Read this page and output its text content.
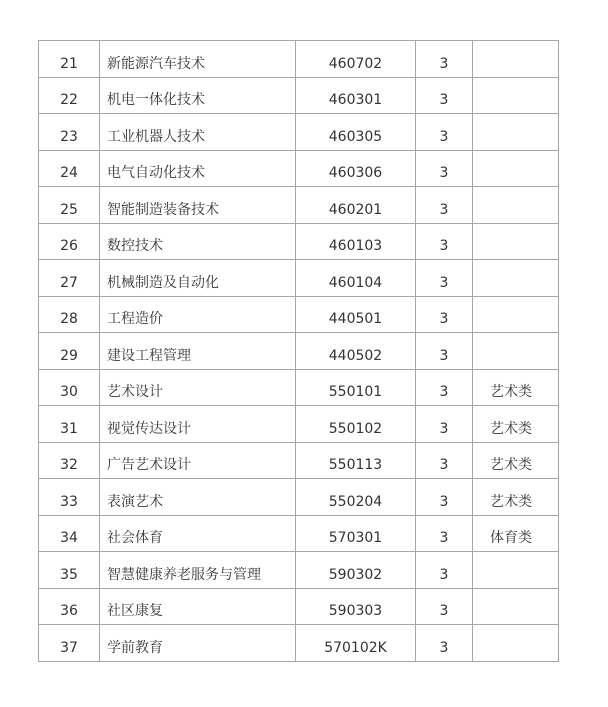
21	新能源汽车技术	460702	3	
22	机电一体化技术	460301	3	
23	工业机器人技术	460305	3	
24	电气自动化技术	460306	3	
25	智能制造装备技术	460201	3	
26	数控技术	460103	3	
27	机械制造及自动化	460104	3	
28	工程造价	440501	3	
29	建设工程管理	440502	3	
30	艺术设计	550101	3	艺术类
31	视觉传达设计	550102	3	艺术类
32	广告艺术设计	550113	3	艺术类
33	表演艺术	550204	3	艺术类
34	社会体育	570301	3	体育类
35	智慧健康养老服务与管理	590302	3	
36	社区康复	590303	3	
37	学前教育	570102K	3	
